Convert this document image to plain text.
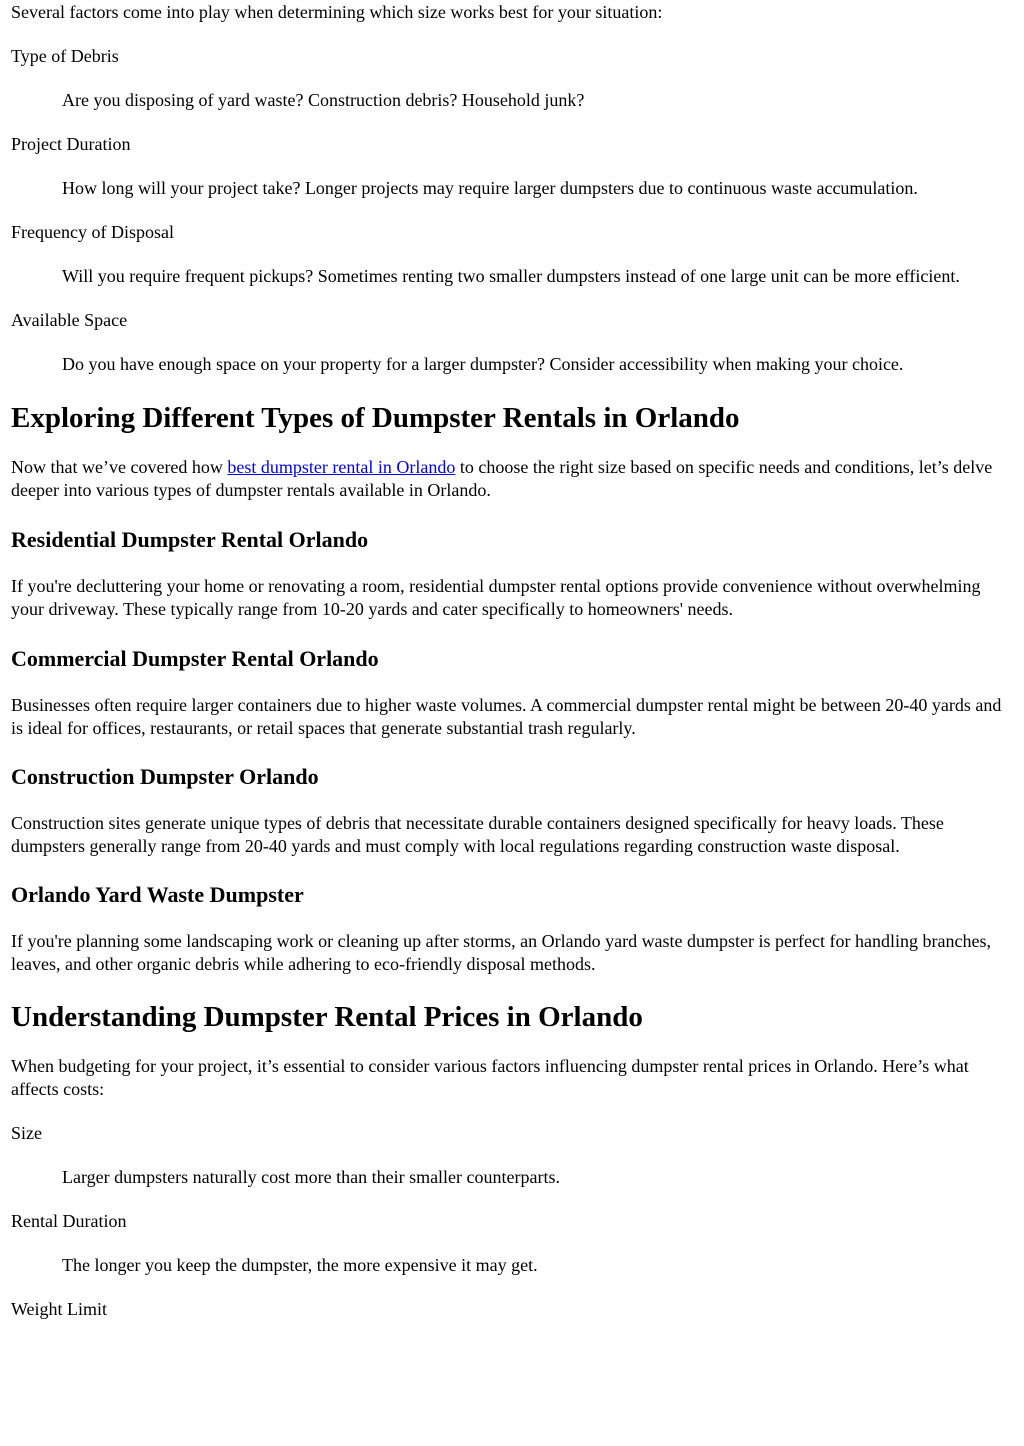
Several factors come into play when determining which size works best for your situation:

Type of Debris
Are you disposing of yard waste? Construction debris? Household junk?
Project Duration
How long will your project take? Longer projects may require larger dumpsters due to continuous waste accumulation.
Frequency of Disposal
Will you require frequent pickups? Sometimes renting two smaller dumpsters instead of one large unit can be more efficient.
Available Space
Do you have enough space on your property for a larger dumpster? Consider accessibility when making your choice.
Exploring Different Types of Dumpster Rentals in Orlando

Now that we’ve covered how best dumpster rental in Orlando to choose the right size based on specific needs and conditions, let’s delve deeper into various types of dumpster rentals available in Orlando.

Residential Dumpster Rental Orlando

If you're decluttering your home or renovating a room, residential dumpster rental options provide convenience without overwhelming your driveway. These typically range from 10-20 yards and cater specifically to homeowners' needs.

Commercial Dumpster Rental Orlando

Businesses often require larger containers due to higher waste volumes. A commercial dumpster rental might be between 20-40 yards and is ideal for offices, restaurants, or retail spaces that generate substantial trash regularly.

Construction Dumpster Orlando

Construction sites generate unique types of debris that necessitate durable containers designed specifically for heavy loads. These dumpsters generally range from 20-40 yards and must comply with local regulations regarding construction waste disposal.

Orlando Yard Waste Dumpster

If you're planning some landscaping work or cleaning up after storms, an Orlando yard waste dumpster is perfect for handling branches, leaves, and other organic debris while adhering to eco-friendly disposal methods.

Understanding Dumpster Rental Prices in Orlando

When budgeting for your project, it’s essential to consider various factors influencing dumpster rental prices in Orlando. Here’s what affects costs:

Size
Larger dumpsters naturally cost more than their smaller counterparts.
Rental Duration
The longer you keep the dumpster, the more expensive it may get.
Weight Limit
